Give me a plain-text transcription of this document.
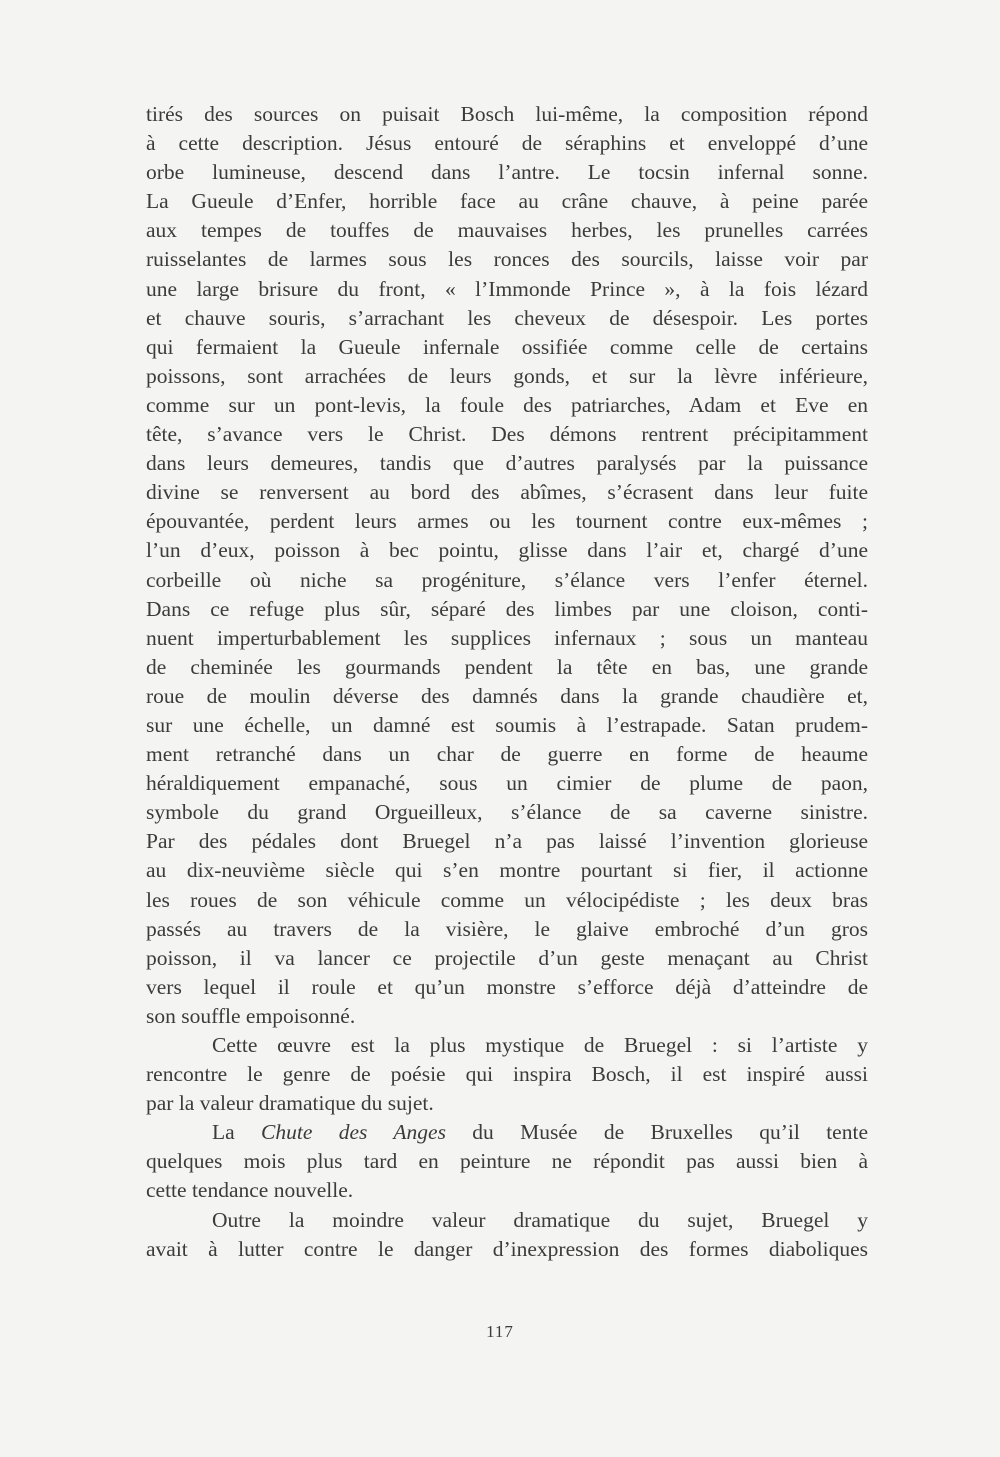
tirés des sources on puisait Bosch lui-même, la composition répond
à cette description. Jésus entouré de séraphins et enveloppé d’une
orbe lumineuse, descend dans l’antre. Le tocsin infernal sonne.
La Gueule d’Enfer, horrible face au crâne chauve, à peine parée
aux tempes de touffes de mauvaises herbes, les prunelles carrées
ruisselantes de larmes sous les ronces des sourcils, laisse voir par
une large brisure du front, « l’Immonde Prince », à la fois lézard
et chauve souris, s’arrachant les cheveux de désespoir. Les portes
qui fermaient la Gueule infernale ossifiée comme celle de certains
poissons, sont arrachées de leurs gonds, et sur la lèvre inférieure,
comme sur un pont-levis, la foule des patriarches, Adam et Eve en
tête, s’avance vers le Christ. Des démons rentrent précipitamment
dans leurs demeures, tandis que d’autres paralysés par la puissance
divine se renversent au bord des abîmes, s’écrasent dans leur fuite
épouvantée, perdent leurs armes ou les tournent contre eux-mêmes ;
l’un d’eux, poisson à bec pointu, glisse dans l’air et, chargé d’une
corbeille où niche sa progéniture, s’élance vers l’enfer éternel.
Dans ce refuge plus sûr, séparé des limbes par une cloison, conti-
nuent imperturbablement les supplices infernaux ; sous un manteau
de cheminée les gourmands pendent la tête en bas, une grande
roue de moulin déverse des damnés dans la grande chaudière et,
sur une échelle, un damné est soumis à l’estrapade. Satan prudem-
ment retranché dans un char de guerre en forme de heaume
héraldiquement empanaché, sous un cimier de plume de paon,
symbole du grand Orgueilleux, s’élance de sa caverne sinistre.
Par des pédales dont Bruegel n’a pas laissé l’invention glorieuse
au dix-neuvième siècle qui s’en montre pourtant si fier, il actionne
les roues de son véhicule comme un vélocipédiste ; les deux bras
passés au travers de la visière, le glaive embroché d’un gros
poisson, il va lancer ce projectile d’un geste menaçant au Christ
vers lequel il roule et qu’un monstre s’efforce déjà d’atteindre de
son souffle empoisonné.
Cette œuvre est la plus mystique de Bruegel : si l’artiste y
rencontre le genre de poésie qui inspira Bosch, il est inspiré aussi
par la valeur dramatique du sujet.
La Chute des Anges du Musée de Bruxelles qu’il tente
quelques mois plus tard en peinture ne répondit pas aussi bien à
cette tendance nouvelle.
Outre la moindre valeur dramatique du sujet, Bruegel y
avait à lutter contre le danger d’inexpression des formes diaboliques

117
